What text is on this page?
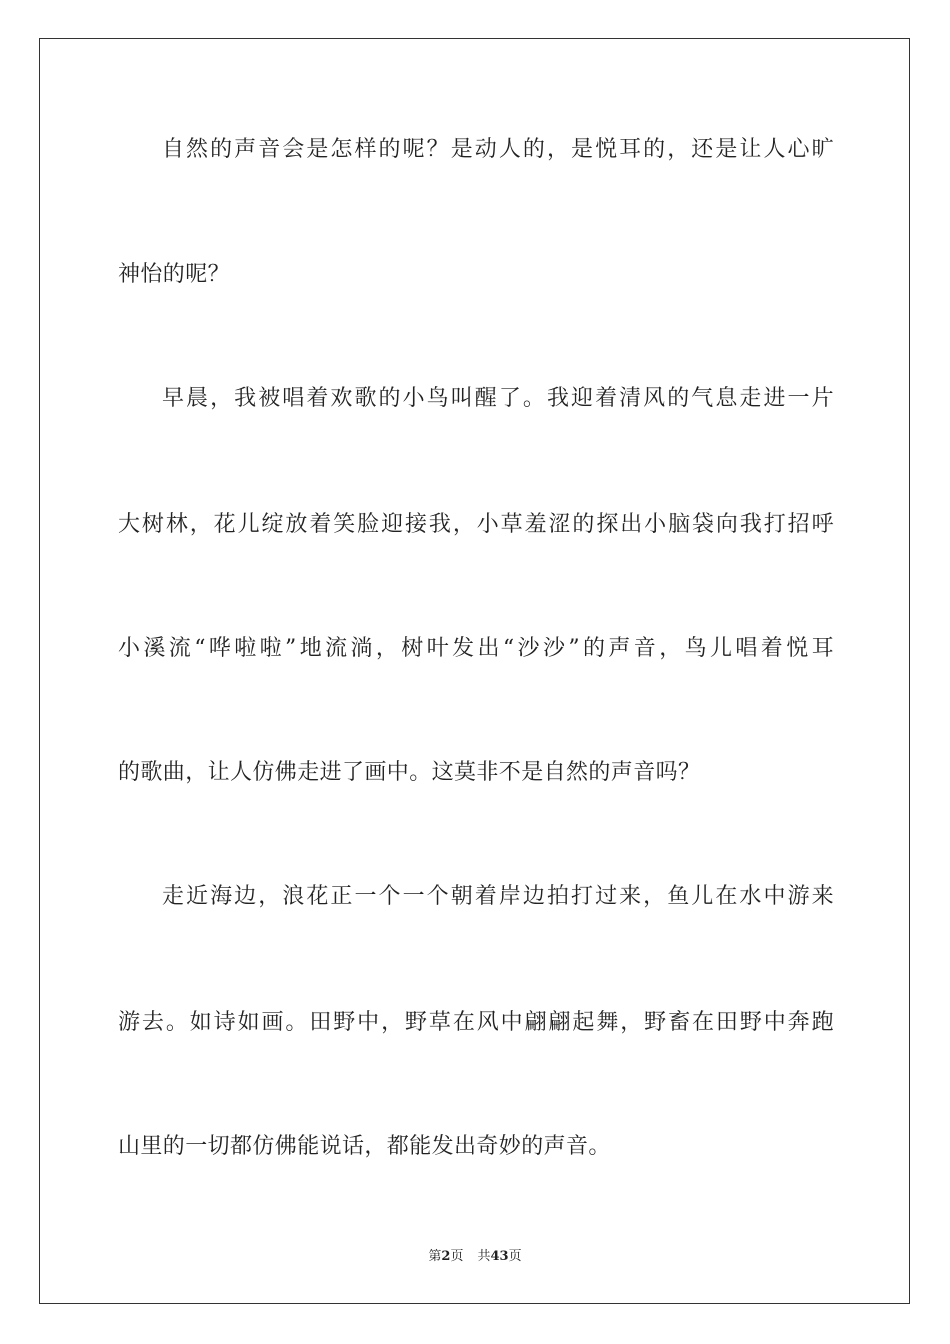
自然的声音会是怎样的呢？是动人的，是悦耳的，还是让人心旷
神怡的呢？
早晨，我被唱着欢歌的小鸟叫醒了。我迎着清风的气息走进一片
大树林，花儿绽放着笑脸迎接我，小草羞涩的探出小脑袋向我打招呼
小溪流“哗啦啦”地流淌，树叶发出“沙沙”的声音，鸟儿唱着悦耳
的歌曲，让人仿佛走进了画中。这莫非不是自然的声音吗？
走近海边，浪花正一个一个朝着岸边拍打过来，鱼儿在水中游来
游去。如诗如画。田野中，野草在风中翩翩起舞，野畜在田野中奔跑
山里的一切都仿佛能说话，都能发出奇妙的声音。
第2页 共43页
